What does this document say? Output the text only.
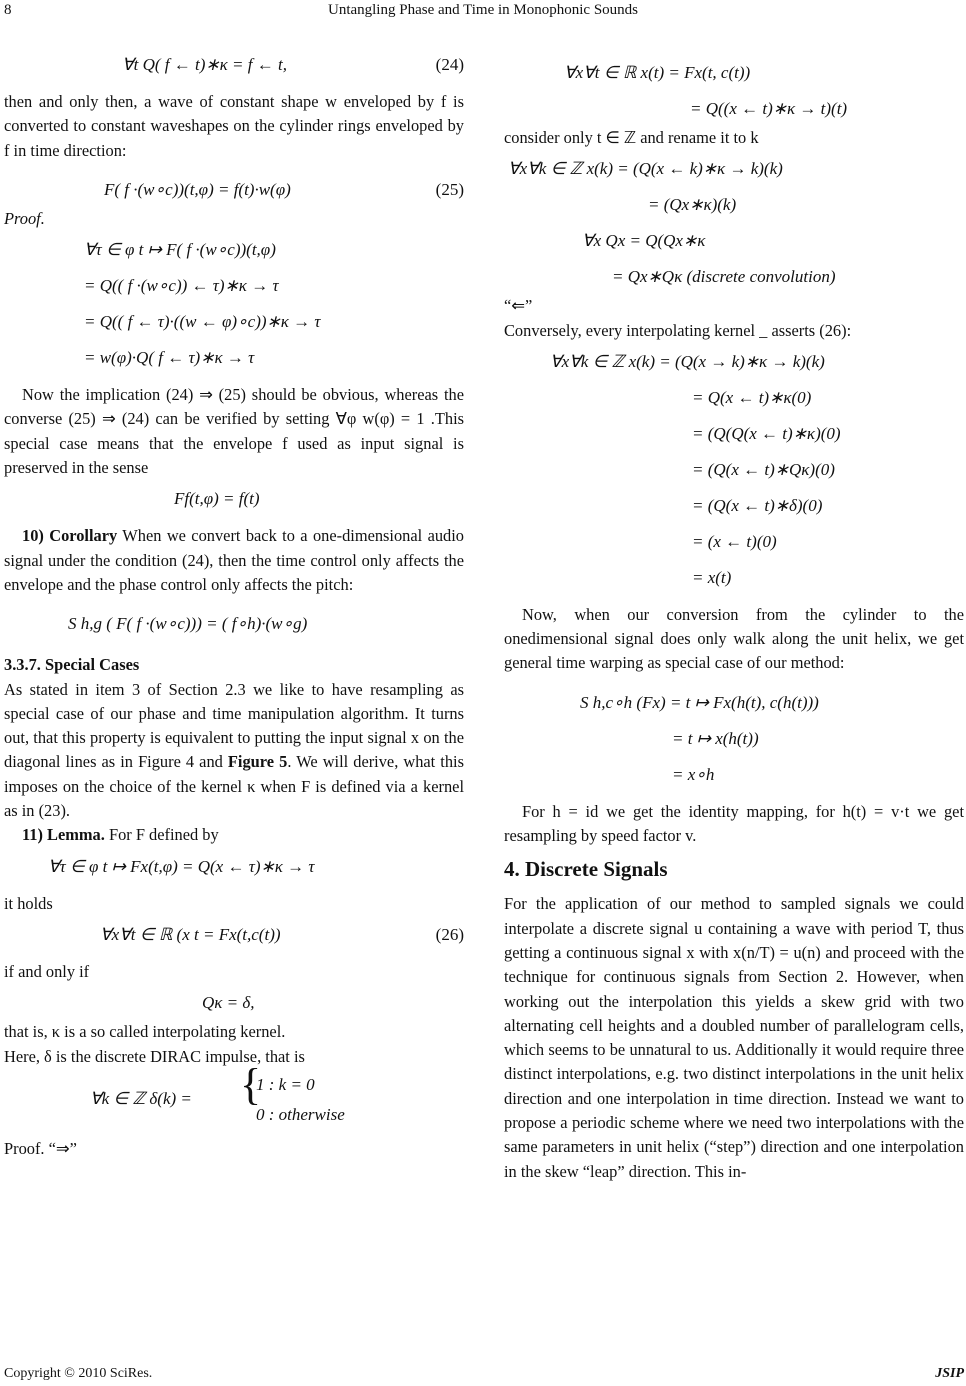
8	Untangling Phase and Time in Monophonic Sounds
∀t Q( f ← t)∗κ = f ← t,	(24)

then and only then, a wave of constant shape w enveloped by f is converted to constant waveshapes on the cylinder rings enveloped by f in time direction:

F( f ·(w∘c))(t,φ) = f(t)·w(φ)	(25)

Proof.

∀τ ∈ φ t ↦ F( f ·(w∘c))(t,φ)
= Q(( f ·(w∘c)) ← τ)∗κ → τ
= Q(( f ← τ)·((w ← φ)∘c))∗κ → τ
= w(φ)·Q( f ← τ)∗κ → τ

Now the implication (24) ⇒ (25) should be obvious, whereas the converse (25) ⇒ (24) can be verified by setting ∀φ w(φ) = 1 .This special case means that the envelope f used as input signal is preserved in the sense

Ff(t,φ) = f(t)

10) Corollary When we convert back to a one-dimensional audio signal under the condition (24), then the time control only affects the envelope and the phase control only affects the pitch:

S h,g ( F( f ·(w∘c))) = ( f∘h)·(w∘g)

3.3.7. Special Cases

As stated in item 3 of Section 2.3 we like to have resampling as special case of our phase and time manipulation algorithm. It turns out, that this property is equivalent to putting the input signal x on the diagonal lines as in Figure 4 and Figure 5. We will derive, what this imposes on the choice of the kernel κ when F is defined via a kernel as in (23).

11) Lemma. For F defined by

∀τ ∈ φ t ↦ Fx(t,φ) = Q(x ← τ)∗κ → τ

it holds

∀x∀t ∈ ℝ (x t = Fx(t,c(t))	(26)

if and only if

Qκ = δ,

that is, κ is a so called interpolating kernel.

Here, δ is the discrete DIRAC impulse, that is

∀k ∈ ℤ δ(k) = {
1 : k = 0
0 : otherwise

Proof. “⇒”

∀x∀t ∈ ℝ x(t) = Fx(t, c(t))
= Q((x ← t)∗κ → t)(t)

consider only t ∈ ℤ and rename it to k

∀x∀k ∈ ℤ x(k) = (Q(x ← k)∗κ → k)(k)
= (Qx∗κ)(k)
∀x Qx = Q(Qx∗κ
= Qx∗Qκ (discrete convolution)

“⇐”

Conversely, every interpolating kernel _ asserts (26):

∀x∀k ∈ ℤ x(k) = (Q(x → k)∗κ → k)(k)
= Q(x ← t)∗κ(0)
= (Q(Q(x ← t)∗κ)(0)
= (Q(x ← t)∗Qκ)(0)
= (Q(x ← t)∗δ)(0)
= (x ← t)(0)
= x(t)

Now, when our conversion from the cylinder to the onedimensional signal does only walk along the unit helix, we get general time warping as special case of our method:

S h,c∘h (Fx) = t ↦ Fx(h(t), c(h(t)))
= t ↦ x(h(t))
= x∘h

For h = id we get the identity mapping, for h(t) = v·t we get resampling by speed factor v.

4. Discrete Signals

For the application of our method to sampled signals we could interpolate a discrete signal u containing a wave with period T, thus getting a continuous signal x with x(n/T) = u(n) and proceed with the technique for continuous signals from Section 2. However, when working out the interpolation this yields a skew grid with two alternating cell heights and a doubled number of parallelogram cells, which seems to be unnatural to us. Additionally it would require three distinct interpolations, e.g. two distinct interpolations in the unit helix direction and one interpolation in time direction. Instead we want to propose a periodic scheme where we need two interpolations with the same parameters in unit helix (“step”) direction and one interpolation in the skew “leap” direction. This in-

Copyright © 2010 SciRes.	JSIP
